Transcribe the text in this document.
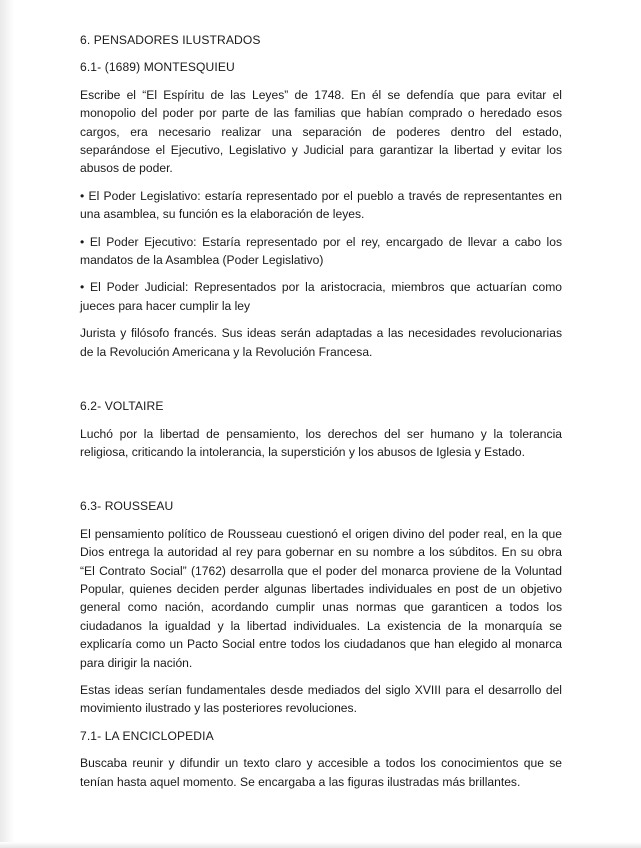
6. PENSADORES ILUSTRADOS
6.1- (1689) MONTESQUIEU
Escribe el “El Espíritu de las Leyes” de 1748. En él se defendía que para evitar el monopolio del poder por parte de las familias que habían comprado o heredado esos cargos, era necesario realizar una separación de poderes dentro del estado, separándose el Ejecutivo, Legislativo y Judicial para garantizar la libertad y evitar los abusos de poder.
• El Poder Legislativo: estaría representado por el pueblo a través de representantes en una asamblea, su función es la elaboración de leyes.
• El Poder Ejecutivo: Estaría representado por el rey, encargado de llevar a cabo los mandatos de la Asamblea (Poder Legislativo)
• El Poder Judicial: Representados por la aristocracia, miembros que actuarían como jueces para hacer cumplir la ley
Jurista y filósofo francés. Sus ideas serán adaptadas a las necesidades revolucionarias de la Revolución Americana y la Revolución Francesa.
6.2- VOLTAIRE
Luchó por la libertad de pensamiento, los derechos del ser humano y la tolerancia religiosa, criticando la intolerancia, la superstición y los abusos de Iglesia y Estado.
6.3- ROUSSEAU
El pensamiento político de Rousseau cuestionó el origen divino del poder real, en la que Dios entrega la autoridad al rey para gobernar en su nombre a los súbditos. En su obra “El Contrato Social” (1762) desarrolla que el poder del monarca proviene de la Voluntad Popular, quienes deciden perder algunas libertades individuales en post de un objetivo general como nación, acordando cumplir unas normas que garanticen a todos los ciudadanos la igualdad y la libertad individuales. La existencia de la monarquía se explicaría como un Pacto Social entre todos los ciudadanos que han elegido al monarca para dirigir la nación.
Estas ideas serían fundamentales desde mediados del siglo XVIII para el desarrollo del movimiento ilustrado y las posteriores revoluciones.
7.1- LA ENCICLOPEDIA
Buscaba reunir y difundir un texto claro y accesible a todos los conocimientos que se tenían hasta aquel momento. Se encargaba a las figuras ilustradas más brillantes.
